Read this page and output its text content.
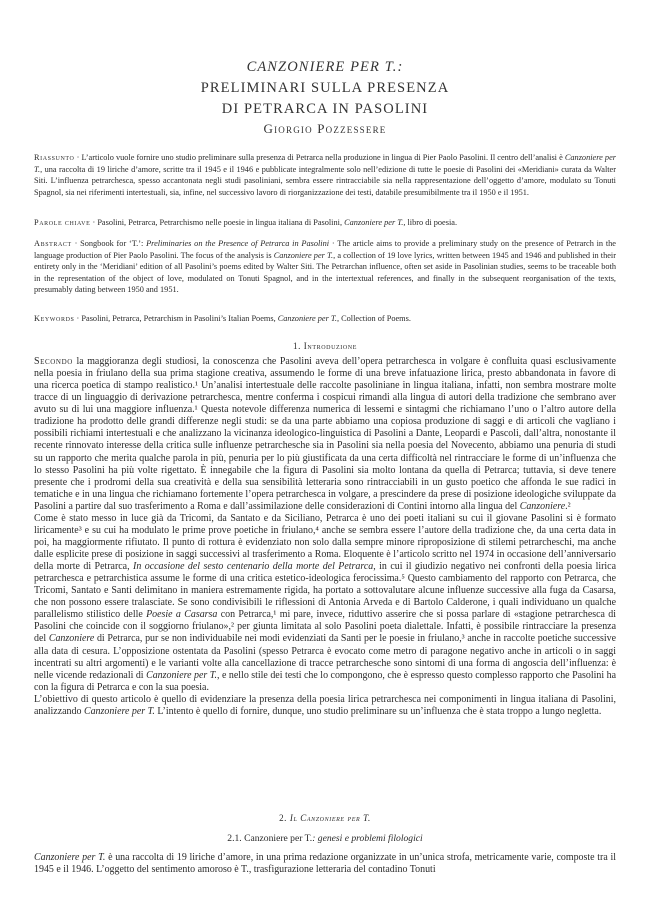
CANZONIERE PER T.:
PRELIMINARI SULLA PRESENZA
DI PETRARCA IN PASOLINI
Giorgio Pozzessere
Riassunto · L’articolo vuole fornire uno studio preliminare sulla presenza di Petrarca nella produzione in lingua di Pier Paolo Pasolini. Il centro dell’analisi è Canzoniere per T., una raccolta di 19 liriche d’amore, scritte tra il 1945 e il 1946 e pubblicate integralmente solo nell’edizione di tutte le poesie di Pasolini dei «Meridiani» curata da Walter Siti. L’influenza petrarchesca, spesso accantonata negli studi pasoliniani, sembra essere rintracciabile sia nella rappresentazione dell’oggetto d’amore, modulato su Tonuti Spagnol, sia nei riferimenti intertestuali, sia, infine, nel successivo lavoro di riorganizzazione dei testi, databile presumibilmente tra il 1950 e il 1951.
Parole chiave · Pasolini, Petrarca, Petrarchismo nelle poesie in lingua italiana di Pasolini, Canzoniere per T., libro di poesia.
Abstract · Songbook for ‘T.’: Preliminaries on the Presence of Petrarca in Pasolini · The article aims to provide a preliminary study on the presence of Petrarch in the language production of Pier Paolo Pasolini. The focus of the analysis is Canzoniere per T., a collection of 19 love lyrics, written between 1945 and 1946 and published in their entirety only in the ‘Meridiani’ edition of all Pasolini’s poems edited by Walter Siti. The Petrarchan influence, often set aside in Pasolinian studies, seems to be traceable both in the representation of the object of love, modulated on Tonuti Spagnol, and in the intertextual references, and finally in the subsequent reorganisation of the texts, presumably dating between 1950 and 1951.
Keywords · Pasolini, Petrarca, Petrarchism in Pasolini’s Italian Poems, Canzoniere per T., Collection of Poems.
1. Introduzione

Secondo la maggioranza degli studiosi, la conoscenza che Pasolini aveva dell’opera petrarchesca in volgare è confluita quasi esclusivamente nella poesia in friulano della sua prima stagione creativa, assumendo le forme di una breve infatuazione lirica, presto abbandonata in favore di una ricerca poetica di stampo realistico.¹ Un’analisi intertestuale delle raccolte pasoliniane in lingua italiana, infatti, non sembra mostrare molte tracce di un linguaggio di derivazione petrarchesca, mentre conferma i cospicui rimandi alla lingua di autori della tradizione che sembrano aver avuto su di lui una maggiore influenza.¹ Questa notevole differenza numerica di lessemi e sintagmi che richiamano l’uno o l’altro autore della tradizione ha prodotto delle grandi differenze negli studi: se da una parte abbiamo una copiosa produzione di saggi e di articoli che vagliano i possibili richiami intertestuali e che analizzano la vicinanza ideologico-linguistica di Pasolini a Dante, Leopardi e Pascoli, dall’altra, nonostante il recente rinnovato interesse della critica sulle influenze petrarchesche sia in Pasolini sia nella poesia del Novecento, abbiamo una penuria di studi su un rapporto che merita qualche parola in più, penuria per lo più giustificata da una certa difficoltà nel rintracciare le forme di un’influenza che lo stesso Pasolini ha più volte rigettato. È innegabile che la figura di Pasolini sia molto lontana da quella di Petrarca; tuttavia, si deve tenere presente che i prodromi della sua creatività e della sua sensibilità letteraria sono rintracciabili in un gusto poetico che affonda le sue radici in tematiche e in una lingua che richiamano fortemente l’opera petrarchesca in volgare, a prescindere da prese di posizione ideologiche sviluppate da Pasolini a partire dal suo trasferimento a Roma e dall’assimilazione delle considerazioni di Contini intorno alla lingua del Canzoniere.²

Come è stato messo in luce già da Tricomi, da Santato e da Siciliano, Petrarca è uno dei poeti italiani su cui il giovane Pasolini si è formato liricamente³ e su cui ha modulato le prime prove poetiche in friulano,⁴ anche se sembra essere l’autore della tradizione che, da una certa data in poi, ha maggiormente rifiutato. Il punto di rottura è evidenziato non solo dalla sempre minore riproposizione di stilemi petrarcheschi, ma anche dalle esplicite prese di posizione in saggi successivi al trasferimento a Roma. Eloquente è l’articolo scritto nel 1974 in occasione dell’anniversario della morte di Petrarca, In occasione del sesto centenario della morte del Petrarca, in cui il giudizio negativo nei confronti della poesia lirica petrarchesca e petrarchistica assume le forme di una critica estetico-ideologica ferocissima.⁵ Questo cambiamento del rapporto con Petrarca, che Tricomi, Santato e Santi delimitano in maniera estremamente rigida, ha portato a sottovalutare alcune influenze successive alla fuga da Casarsa, che non possono essere tralasciate. Se sono condivisibili le riflessioni di Antonia Arveda e di Bartolo Calderone, i quali individuano un qualche parallelismo stilistico delle Poesie a Casarsa con Petrarca,¹ mi pare, invece, riduttivo asserire che si possa parlare di «stagione petrarchesca di Pasolini che coincide con il soggiorno friulano»,² per giunta limitata al solo Pasolini poeta dialettale. Infatti, è possibile rintracciare la presenza del Canzoniere di Petrarca, pur se non individuabile nei modi evidenziati da Santi per le poesie in friulano,³ anche in raccolte poetiche successive alla data di cesura. L’opposizione ostentata da Pasolini (spesso Petrarca è evocato come metro di paragone negativo anche in articoli o in saggi incentrati su altri argomenti) e le varianti volte alla cancellazione di tracce petrarchesche sono sintomi di una forma di angoscia dell’influenza: è nelle vicende redazionali di Canzoniere per T., e nello stile dei testi che lo compongono, che è espresso questo complesso rapporto che Pasolini ha con la figura di Petrarca e con la sua poesia.

L’obiettivo di questo articolo è quello di evidenziare la presenza della poesia lirica petrarchesca nei componimenti in lingua italiana di Pasolini, analizzando Canzoniere per T. L’intento è quello di fornire, dunque, uno studio preliminare su un’influenza che è stata troppo a lungo negletta.

2. Il Canzoniere per T.
2.1. Canzoniere per T.: genesi e problemi filologici

Canzoniere per T. è una raccolta di 19 liriche d’amore, in una prima redazione organizzate in un’unica strofa, metricamente varie, composte tra il 1945 e il 1946. L’oggetto del sentimento amoroso è T., trasfigurazione letteraria del contadino Tonuti
